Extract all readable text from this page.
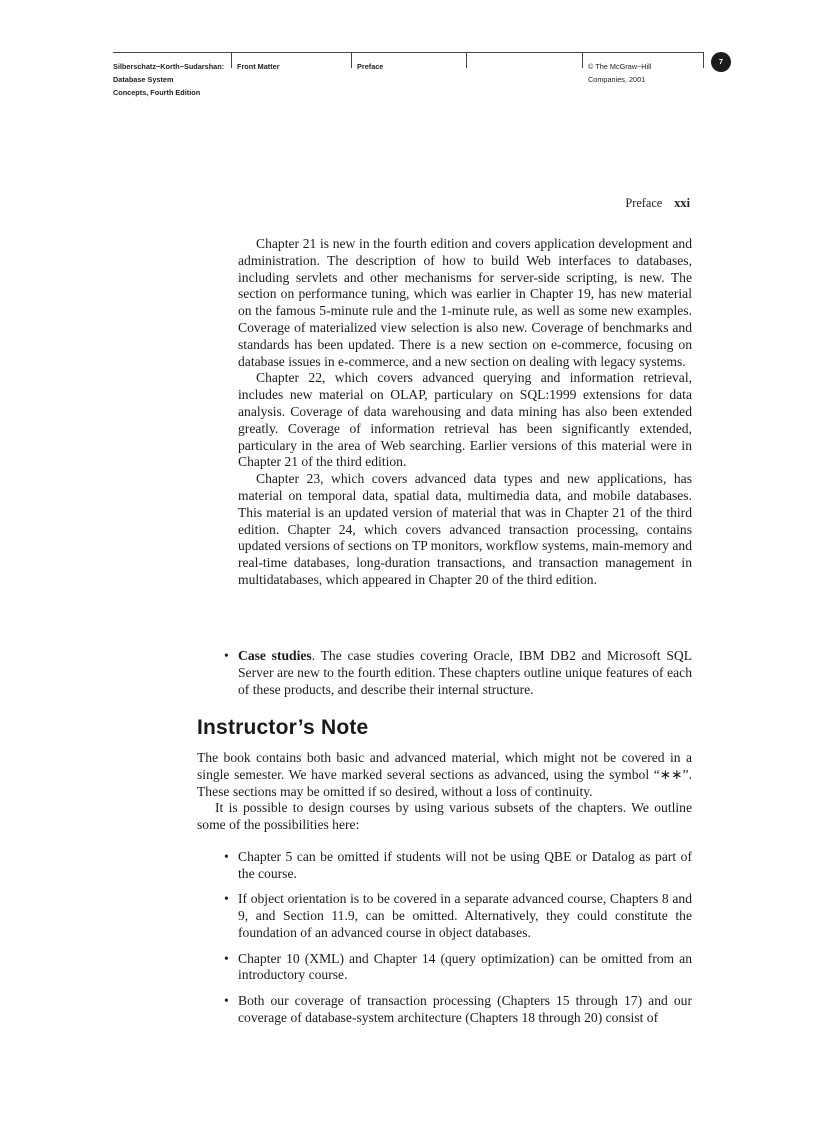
Silberschatz−Korth−Sudarshan:
Database System
Concepts, Fourth Edition
Front Matter	Preface	© The McGraw−Hill
Companies, 2001
7
Preface xxi

Chapter 21 is new in the fourth edition and covers application development and administration. The description of how to build Web interfaces to databases, including servlets and other mechanisms for server-side scripting, is new. The section on performance tuning, which was earlier in Chapter 19, has new material on the famous 5-minute rule and the 1-minute rule, as well as some new examples. Coverage of materialized view selection is also new. Coverage of benchmarks and standards has been updated. There is a new section on e-commerce, focusing on database issues in e-commerce, and a new section on dealing with legacy systems.

Chapter 22, which covers advanced querying and information retrieval, includes new material on OLAP, particulary on SQL:1999 extensions for data analysis. Coverage of data warehousing and data mining has also been extended greatly. Coverage of information retrieval has been significantly extended, particulary in the area of Web searching. Earlier versions of this material were in Chapter 21 of the third edition.

Chapter 23, which covers advanced data types and new applications, has material on temporal data, spatial data, multimedia data, and mobile databases. This material is an updated version of material that was in Chapter 21 of the third edition. Chapter 24, which covers advanced transaction processing, contains updated versions of sections on TP monitors, workflow systems, main-memory and real-time databases, long-duration transactions, and transaction management in multidatabases, which appeared in Chapter 20 of the third edition.

• Case studies. The case studies covering Oracle, IBM DB2 and Microsoft SQL Server are new to the fourth edition. These chapters outline unique features of each of these products, and describe their internal structure.

Instructor’s Note

The book contains both basic and advanced material, which might not be covered in a single semester. We have marked several sections as advanced, using the symbol “∗∗”. These sections may be omitted if so desired, without a loss of continuity.

It is possible to design courses by using various subsets of the chapters. We outline some of the possibilities here:

• Chapter 5 can be omitted if students will not be using QBE or Datalog as part of the course.
• If object orientation is to be covered in a separate advanced course, Chapters 8 and 9, and Section 11.9, can be omitted. Alternatively, they could constitute the foundation of an advanced course in object databases.
• Chapter 10 (XML) and Chapter 14 (query optimization) can be omitted from an introductory course.
• Both our coverage of transaction processing (Chapters 15 through 17) and our coverage of database-system architecture (Chapters 18 through 20) consist of
